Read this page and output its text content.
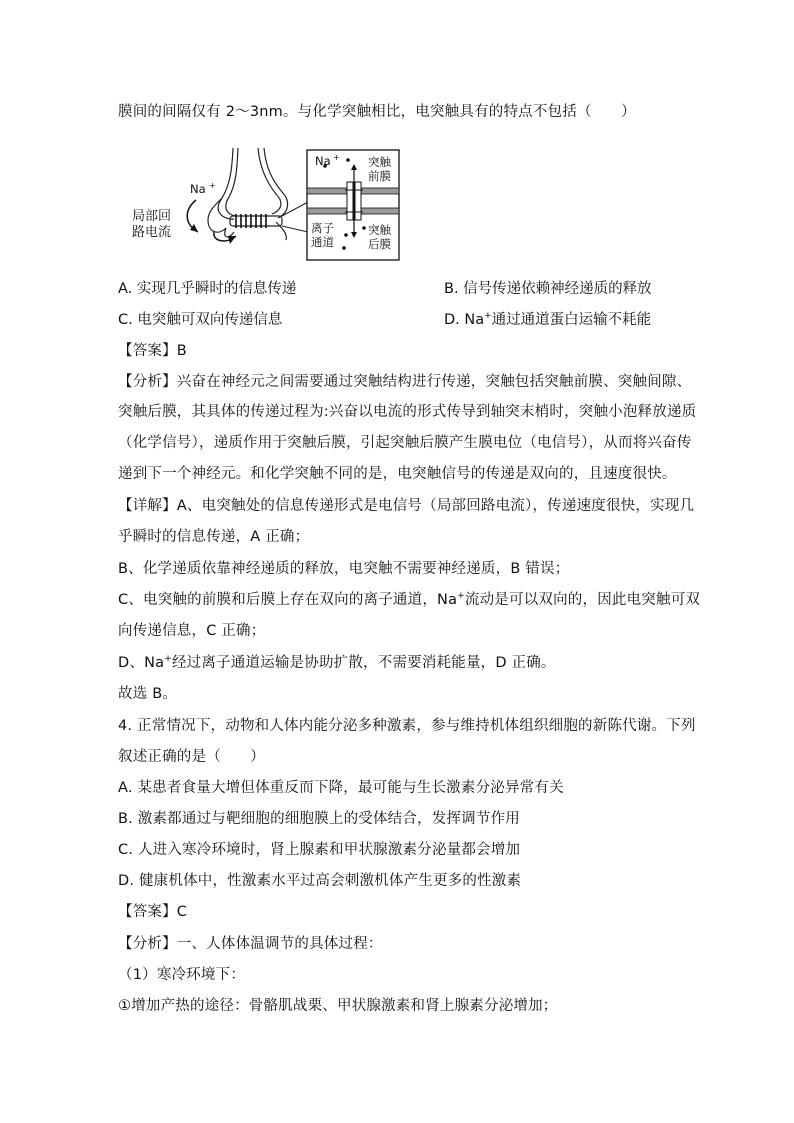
膜间的间隔仅有 2～3nm。与化学突触相比，电突触具有的特点不包括（　　）
Na +
局部回
路电流
Na + 突触
前膜
离子
通道
突触
后膜
A. 实现几乎瞬时的信息传递	B. 信号传递依赖神经递质的释放
C. 电突触可双向传递信息	D. Na+通过通道蛋白运输不耗能
【答案】B
【分析】兴奋在神经元之间需要通过突触结构进行传递，突触包括突触前膜、突触间隙、
突触后膜，其具体的传递过程为:兴奋以电流的形式传导到轴突末梢时，突触小泡释放递质
（化学信号），递质作用于突触后膜，引起突触后膜产生膜电位（电信号），从而将兴奋传
递到下一个神经元。和化学突触不同的是，电突触信号的传递是双向的，且速度很快。
【详解】A、电突触处的信息传递形式是电信号（局部回路电流），传递速度很快，实现几
乎瞬时的信息传递，A 正确；
B、化学递质依靠神经递质的释放，电突触不需要神经递质，B 错误；
C、电突触的前膜和后膜上存在双向的离子通道，Na+流动是可以双向的，因此电突触可双
向传递信息，C 正确；
D、Na+经过离子通道运输是协助扩散，不需要消耗能量，D 正确。
故选 B。
4. 正常情况下，动物和人体内能分泌多种激素，参与维持机体组织细胞的新陈代谢。下列
叙述正确的是（　　）
A. 某患者食量大增但体重反而下降，最可能与生长激素分泌异常有关
B. 激素都通过与靶细胞的细胞膜上的受体结合，发挥调节作用
C. 人进入寒冷环境时，肾上腺素和甲状腺激素分泌量都会增加
D. 健康机体中，性激素水平过高会刺激机体产生更多的性激素
【答案】C
【分析】一、人体体温调节的具体过程：
（1）寒冷环境下：
①增加产热的途径：骨骼肌战栗、甲状腺激素和肾上腺素分泌增加；
